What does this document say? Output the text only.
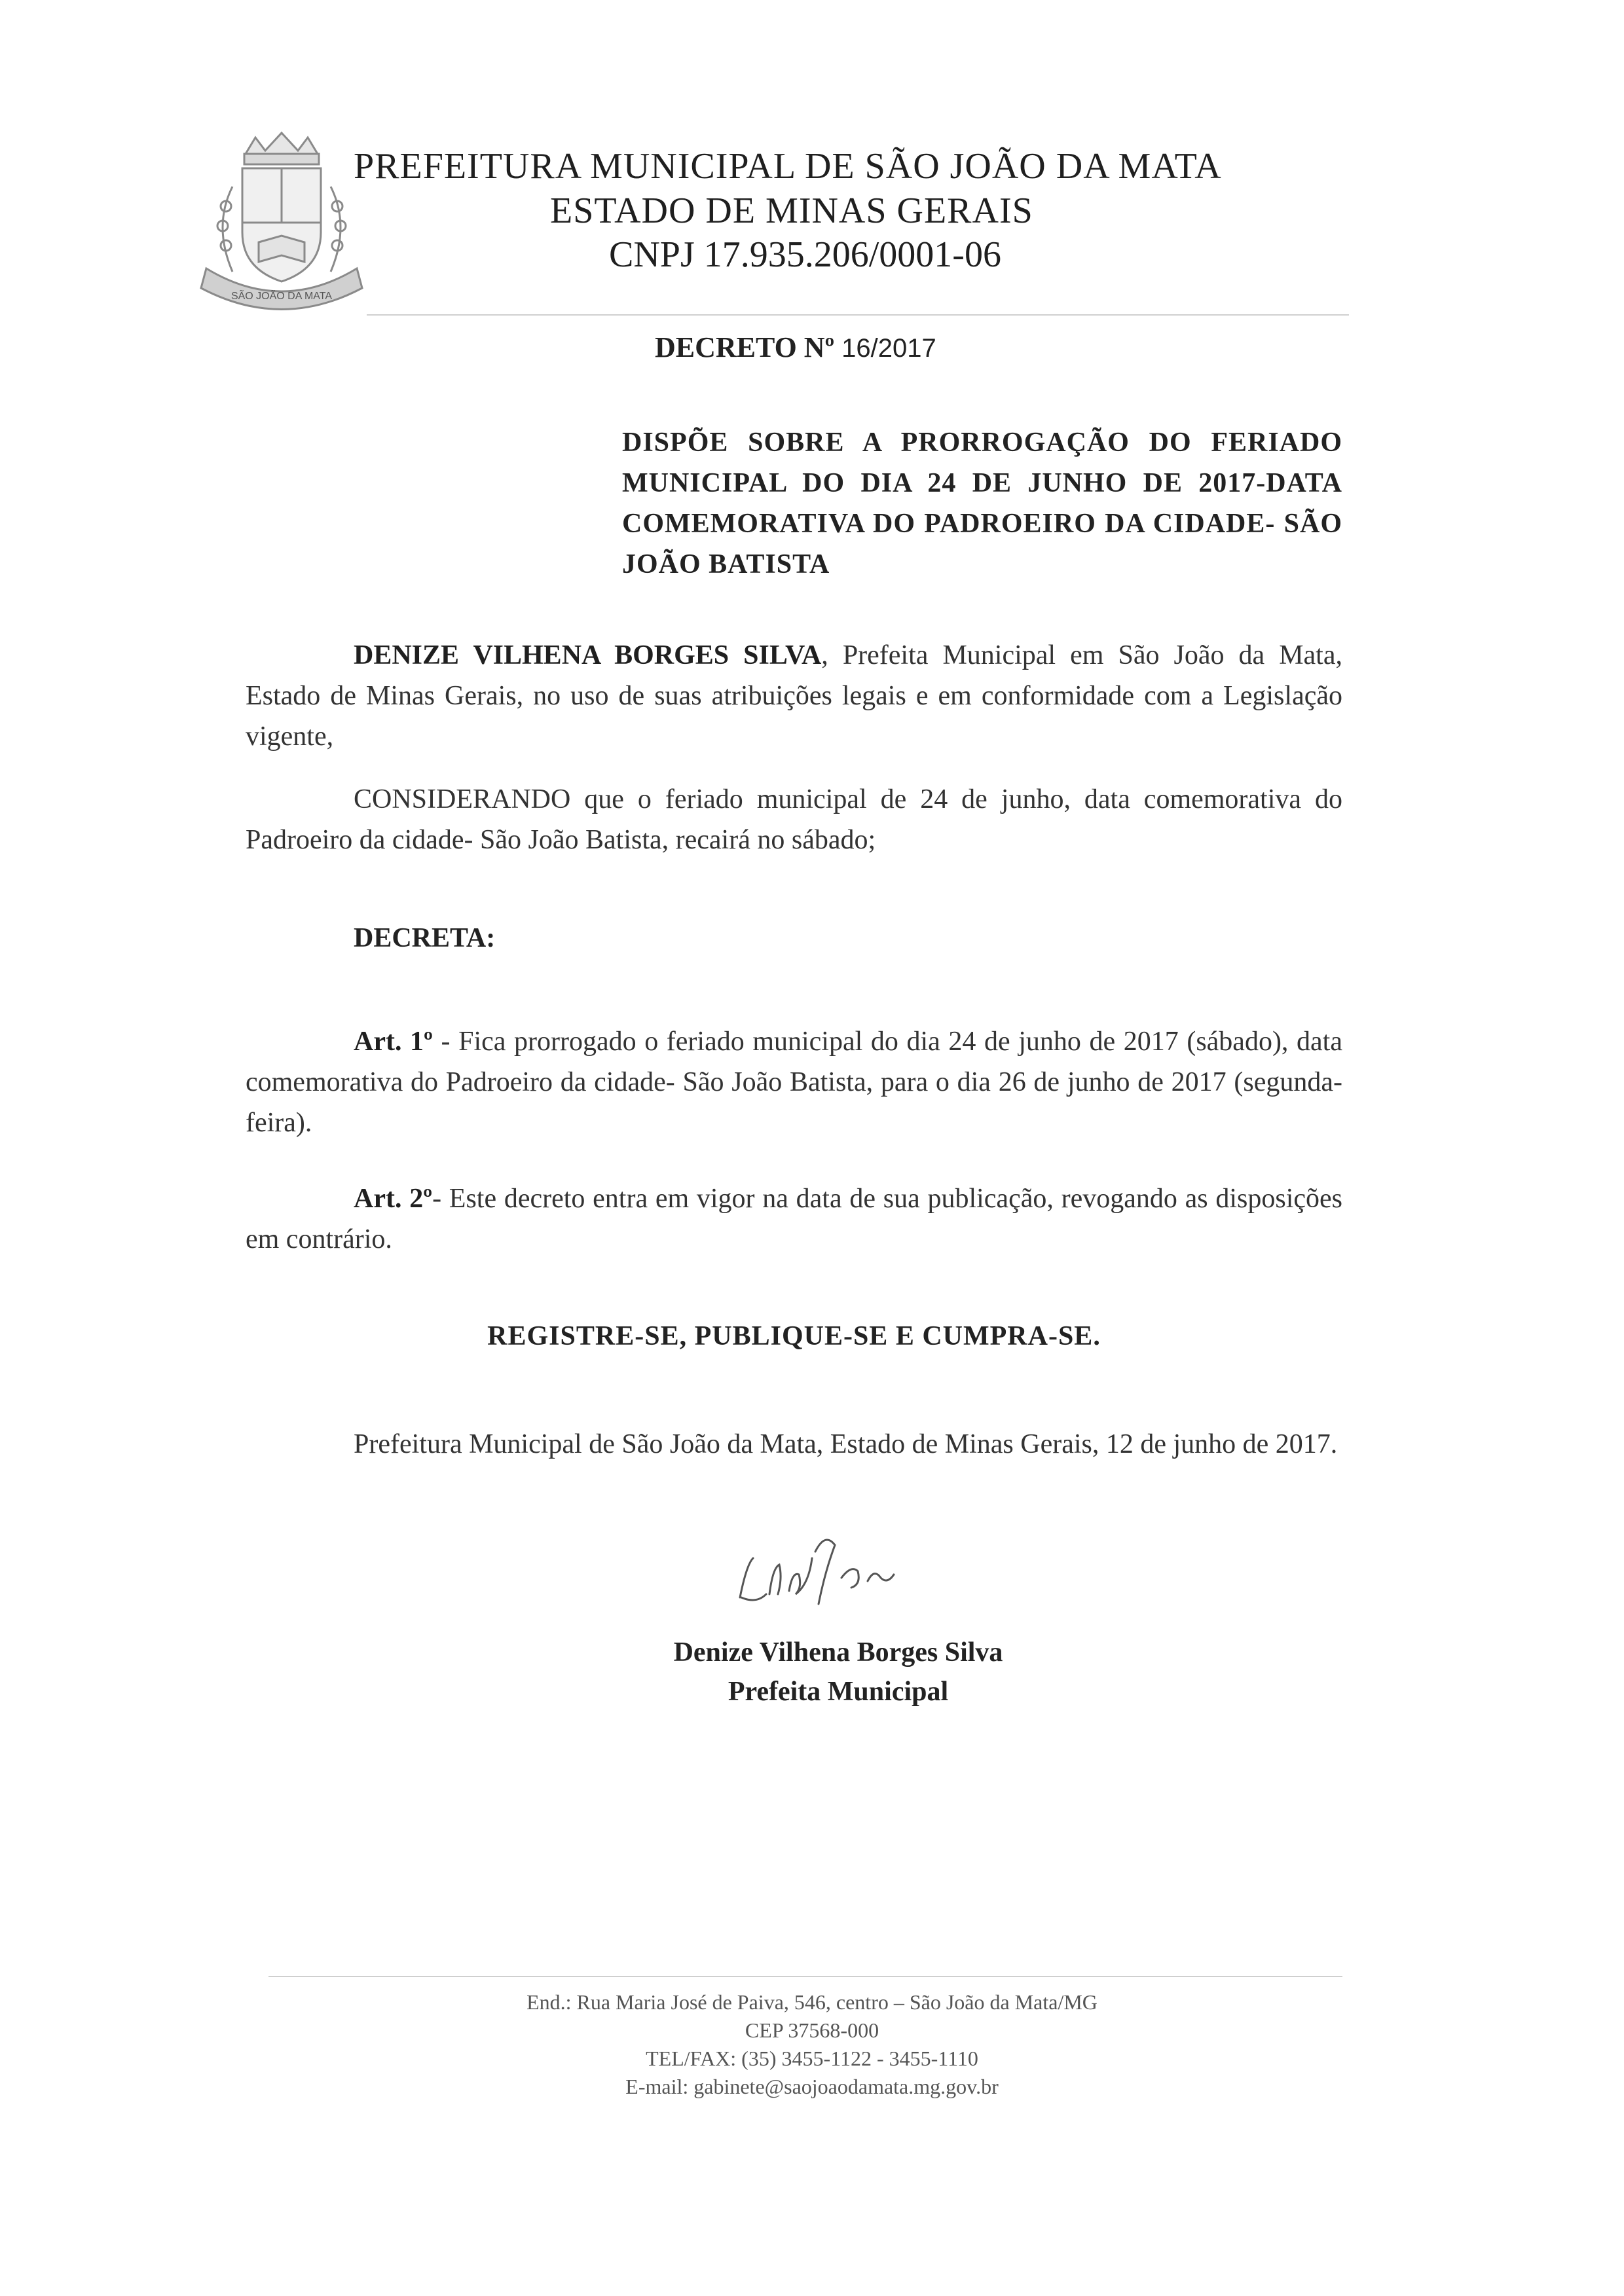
SÃO JOÃO DA MATA
PREFEITURA MUNICIPAL DE SÃO JOÃO DA MATA
ESTADO DE MINAS GERAIS
CNPJ 17.935.206/0001-06
DECRETO Nº 16/2017
DISPÕE SOBRE A PRORROGAÇÃO DO FERIADO MUNICIPAL DO DIA 24 DE JUNHO DE 2017-DATA COMEMORATIVA DO PADROEIRO DA CIDADE- SÃO JOÃO BATISTA
DENIZE VILHENA BORGES SILVA, Prefeita Municipal em São João da Mata, Estado de Minas Gerais, no uso de suas atribuições legais e em conformidade com a Legislação vigente,
CONSIDERANDO que o feriado municipal de 24 de junho, data comemorativa do Padroeiro da cidade- São João Batista, recairá no sábado;
DECRETA:
Art. 1º - Fica prorrogado o feriado municipal do dia 24 de junho de 2017 (sábado), data comemorativa do Padroeiro da cidade- São João Batista, para o dia 26 de junho de 2017 (segunda-feira).
Art. 2º- Este decreto entra em vigor na data de sua publicação, revogando as disposições em contrário.
REGISTRE-SE, PUBLIQUE-SE E CUMPRA-SE.
Prefeitura Municipal de São João da Mata, Estado de Minas Gerais, 12 de junho de 2017.
Denize Vilhena Borges Silva
Prefeita Municipal
End.: Rua Maria José de Paiva, 546, centro – São João da Mata/MG
CEP 37568-000
TEL/FAX: (35) 3455-1122 - 3455-1110
E-mail: gabinete@saojoaodamata.mg.gov.br
